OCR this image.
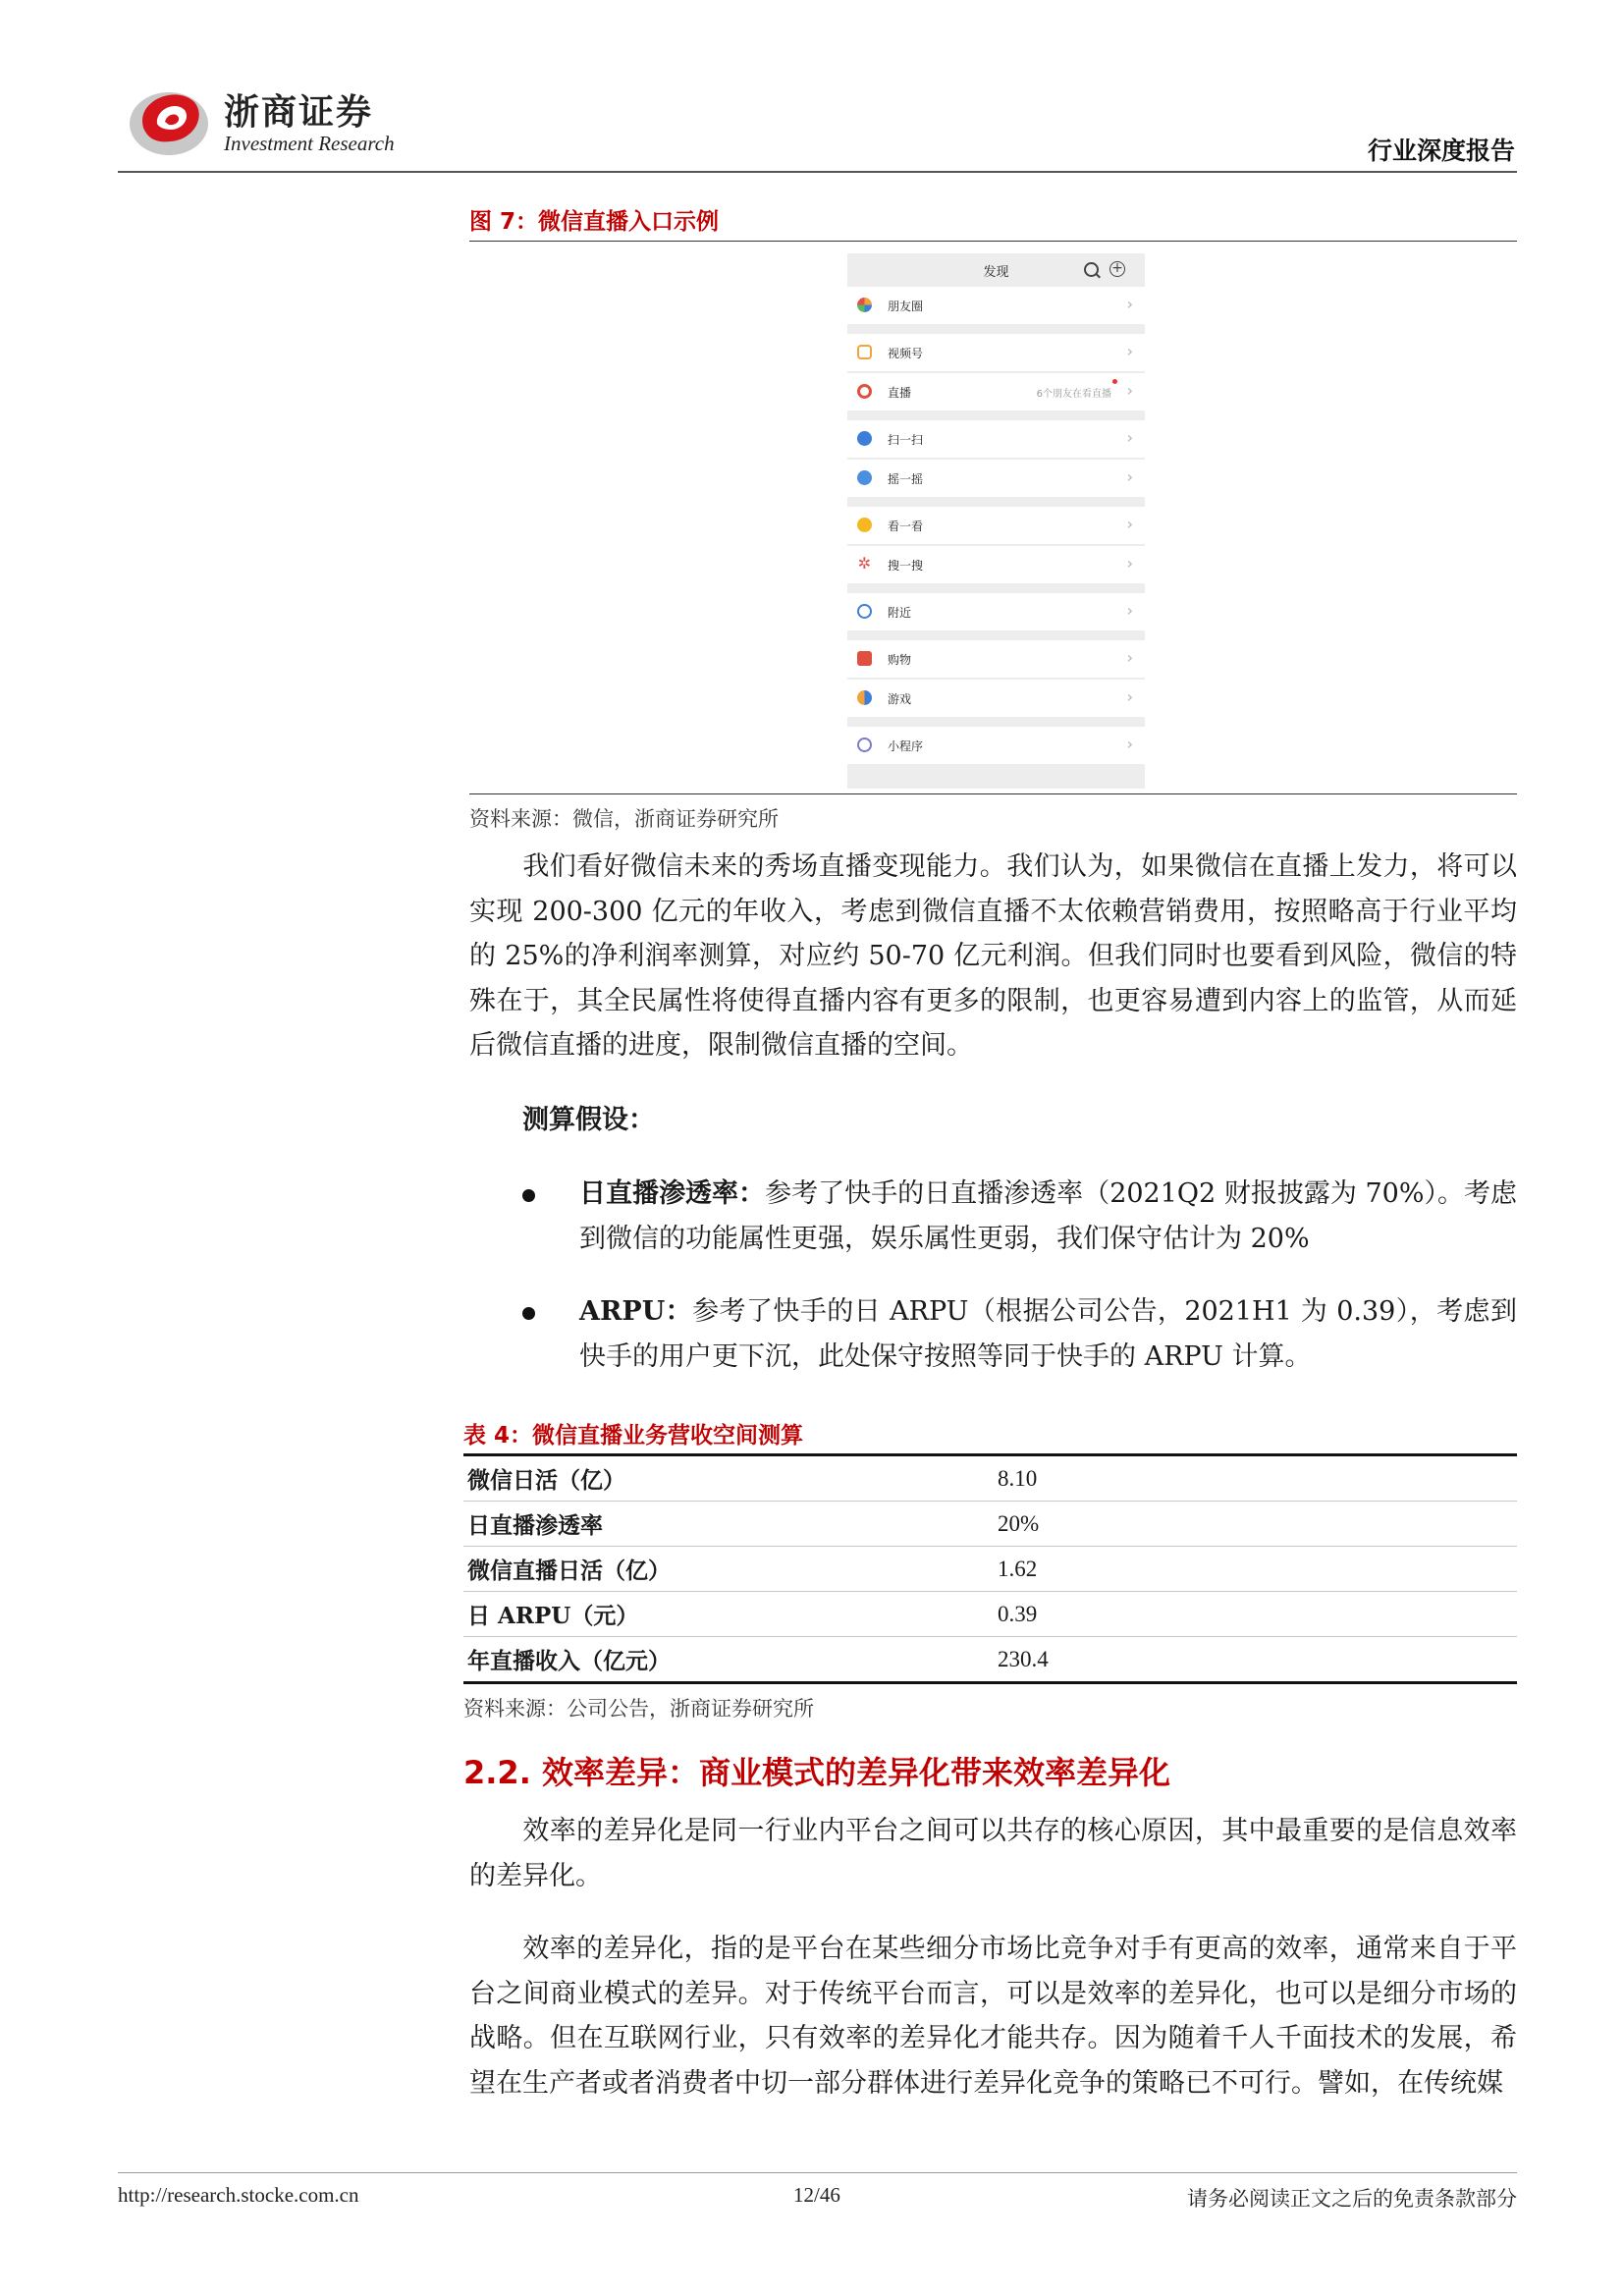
浙商证券
Investment Research	行业深度报告
图 7：微信直播入口示例
发现	+
朋友圈	›
视频号	›
直播	6个朋友在看直播 ›
扫一扫	›
摇一摇	›
看一看	›
✲ 搜一搜	›
附近	›
购物	›
游戏	›
小程序	›
资料来源：微信，浙商证券研究所
我们看好微信未来的秀场直播变现能力。我们认为，如果微信在直播上发力，将可以实现 200-300 亿元的年收入，考虑到微信直播不太依赖营销费用，按照略高于行业平均的 25%的净利润率测算，对应约 50-70 亿元利润。但我们同时也要看到风险，微信的特殊在于，其全民属性将使得直播内容有更多的限制，也更容易遭到内容上的监管，从而延后微信直播的进度，限制微信直播的空间。
测算假设：
日直播渗透率：参考了快手的日直播渗透率（2021Q2 财报披露为 70%）。考虑到微信的功能属性更强，娱乐属性更弱，我们保守估计为 20%
ARPU：参考了快手的日 ARPU（根据公司公告，2021H1 为 0.39），考虑到快手的用户更下沉，此处保守按照等同于快手的 ARPU 计算。
表 4：微信直播业务营收空间测算
微信日活（亿）	8.10
日直播渗透率	20%
微信直播日活（亿）	1.62
日 ARPU（元）	0.39
年直播收入（亿元）	230.4
资料来源：公司公告，浙商证券研究所
2.2. 效率差异：商业模式的差异化带来效率差异化
效率的差异化是同一行业内平台之间可以共存的核心原因，其中最重要的是信息效率的差异化。
效率的差异化，指的是平台在某些细分市场比竞争对手有更高的效率，通常来自于平台之间商业模式的差异。对于传统平台而言，可以是效率的差异化，也可以是细分市场的战略。但在互联网行业，只有效率的差异化才能共存。因为随着千人千面技术的发展，希望在生产者或者消费者中切一部分群体进行差异化竞争的策略已不可行。譬如，在传统媒
http://research.stocke.com.cn	12/46	请务必阅读正文之后的免责条款部分
